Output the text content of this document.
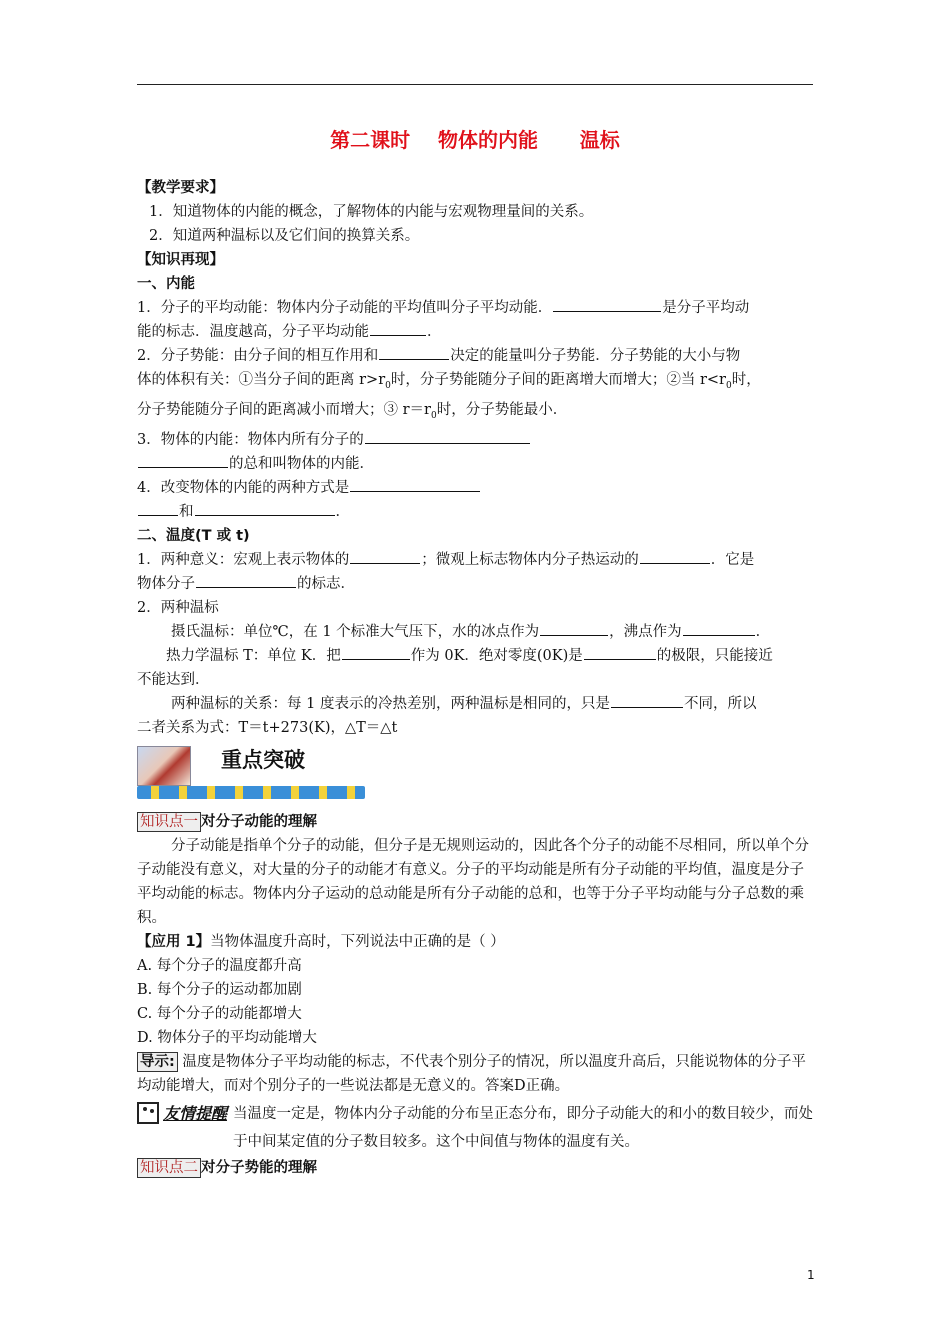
第二课时    物体的内能      温标

【教学要求】

1．知道物体的内能的概念，了解物体的内能与宏观物理量间的关系。

2．知道两种温标以及它们间的换算关系。

【知识再现】

一、内能

1．分子的平均动能：物体内分子动能的平均值叫分子平均动能．	是分子平均动
能的标志．温度越高，分子平均动能	．

2．分子势能：由分子间的相互作用和	决定的能量叫分子势能．分子势能的大小与物
体的体积有关：①当分子间的距离 $r>r_0$时，分子势能随分子间的距离增大而增大；②当 $r<r_0$时，
分子势能随分子间的距离减小而增大；③ $r=r_0$时，分子势能最小．

3．物体的内能：物体内所有分子的
的总和叫物体的内能．

4．改变物体的内能的两种方式是
和	．

二、温度(T 或 t)

1．两种意义：宏观上表示物体的	；微观上标志物体内分子热运动的	．它是
物体分子	的标志．

2．两种温标

摄氏温标：单位℃，在 1 个标准大气压下，水的冰点作为	，沸点作为	．

热力学温标 T：单位 K．把	作为 0K．绝对零度(0K)是	的极限，只能接近
不能达到．

两种温标的关系：每 1 度表示的冷热差别，两种温标是相同的，只是	不同，所以

二者关系为式：T＝t+273(K)，△T＝△t

重点突破

知识点一 对分子动能的理解

分子动能是指单个分子的动能，但分子是无规则运动的，因此各个分子的动能不尽相同，所以单个分子动能没有意义，对大量的分子的动能才有意义。分子的平均动能是所有分子动能的平均值，温度是分子平均动能的标志。物体内分子运动的总动能是所有分子动能的总和，也等于分子平均动能与分子总数的乘积。

【应用 1】当物体温度升高时，下列说法中正确的是（ ）

A. 每个分子的温度都升高

B. 每个分子的运动都加剧

C. 每个分子的动能都增大

D. 物体分子的平均动能增大

导示: 温度是物体分子平均动能的标志，不代表个别分子的情况，所以温度升高后，只能说物体的分子平均动能增大，而对个别分子的一些说法都是无意义的。答案D正确。

友情提醒 当温度一定是，物体内分子动能的分布呈正态分布，即分子动能大的和小的数目较少，而处于中间某定值的分子数目较多。这个中间值与物体的温度有关。

知识点二 对分子势能的理解

1
